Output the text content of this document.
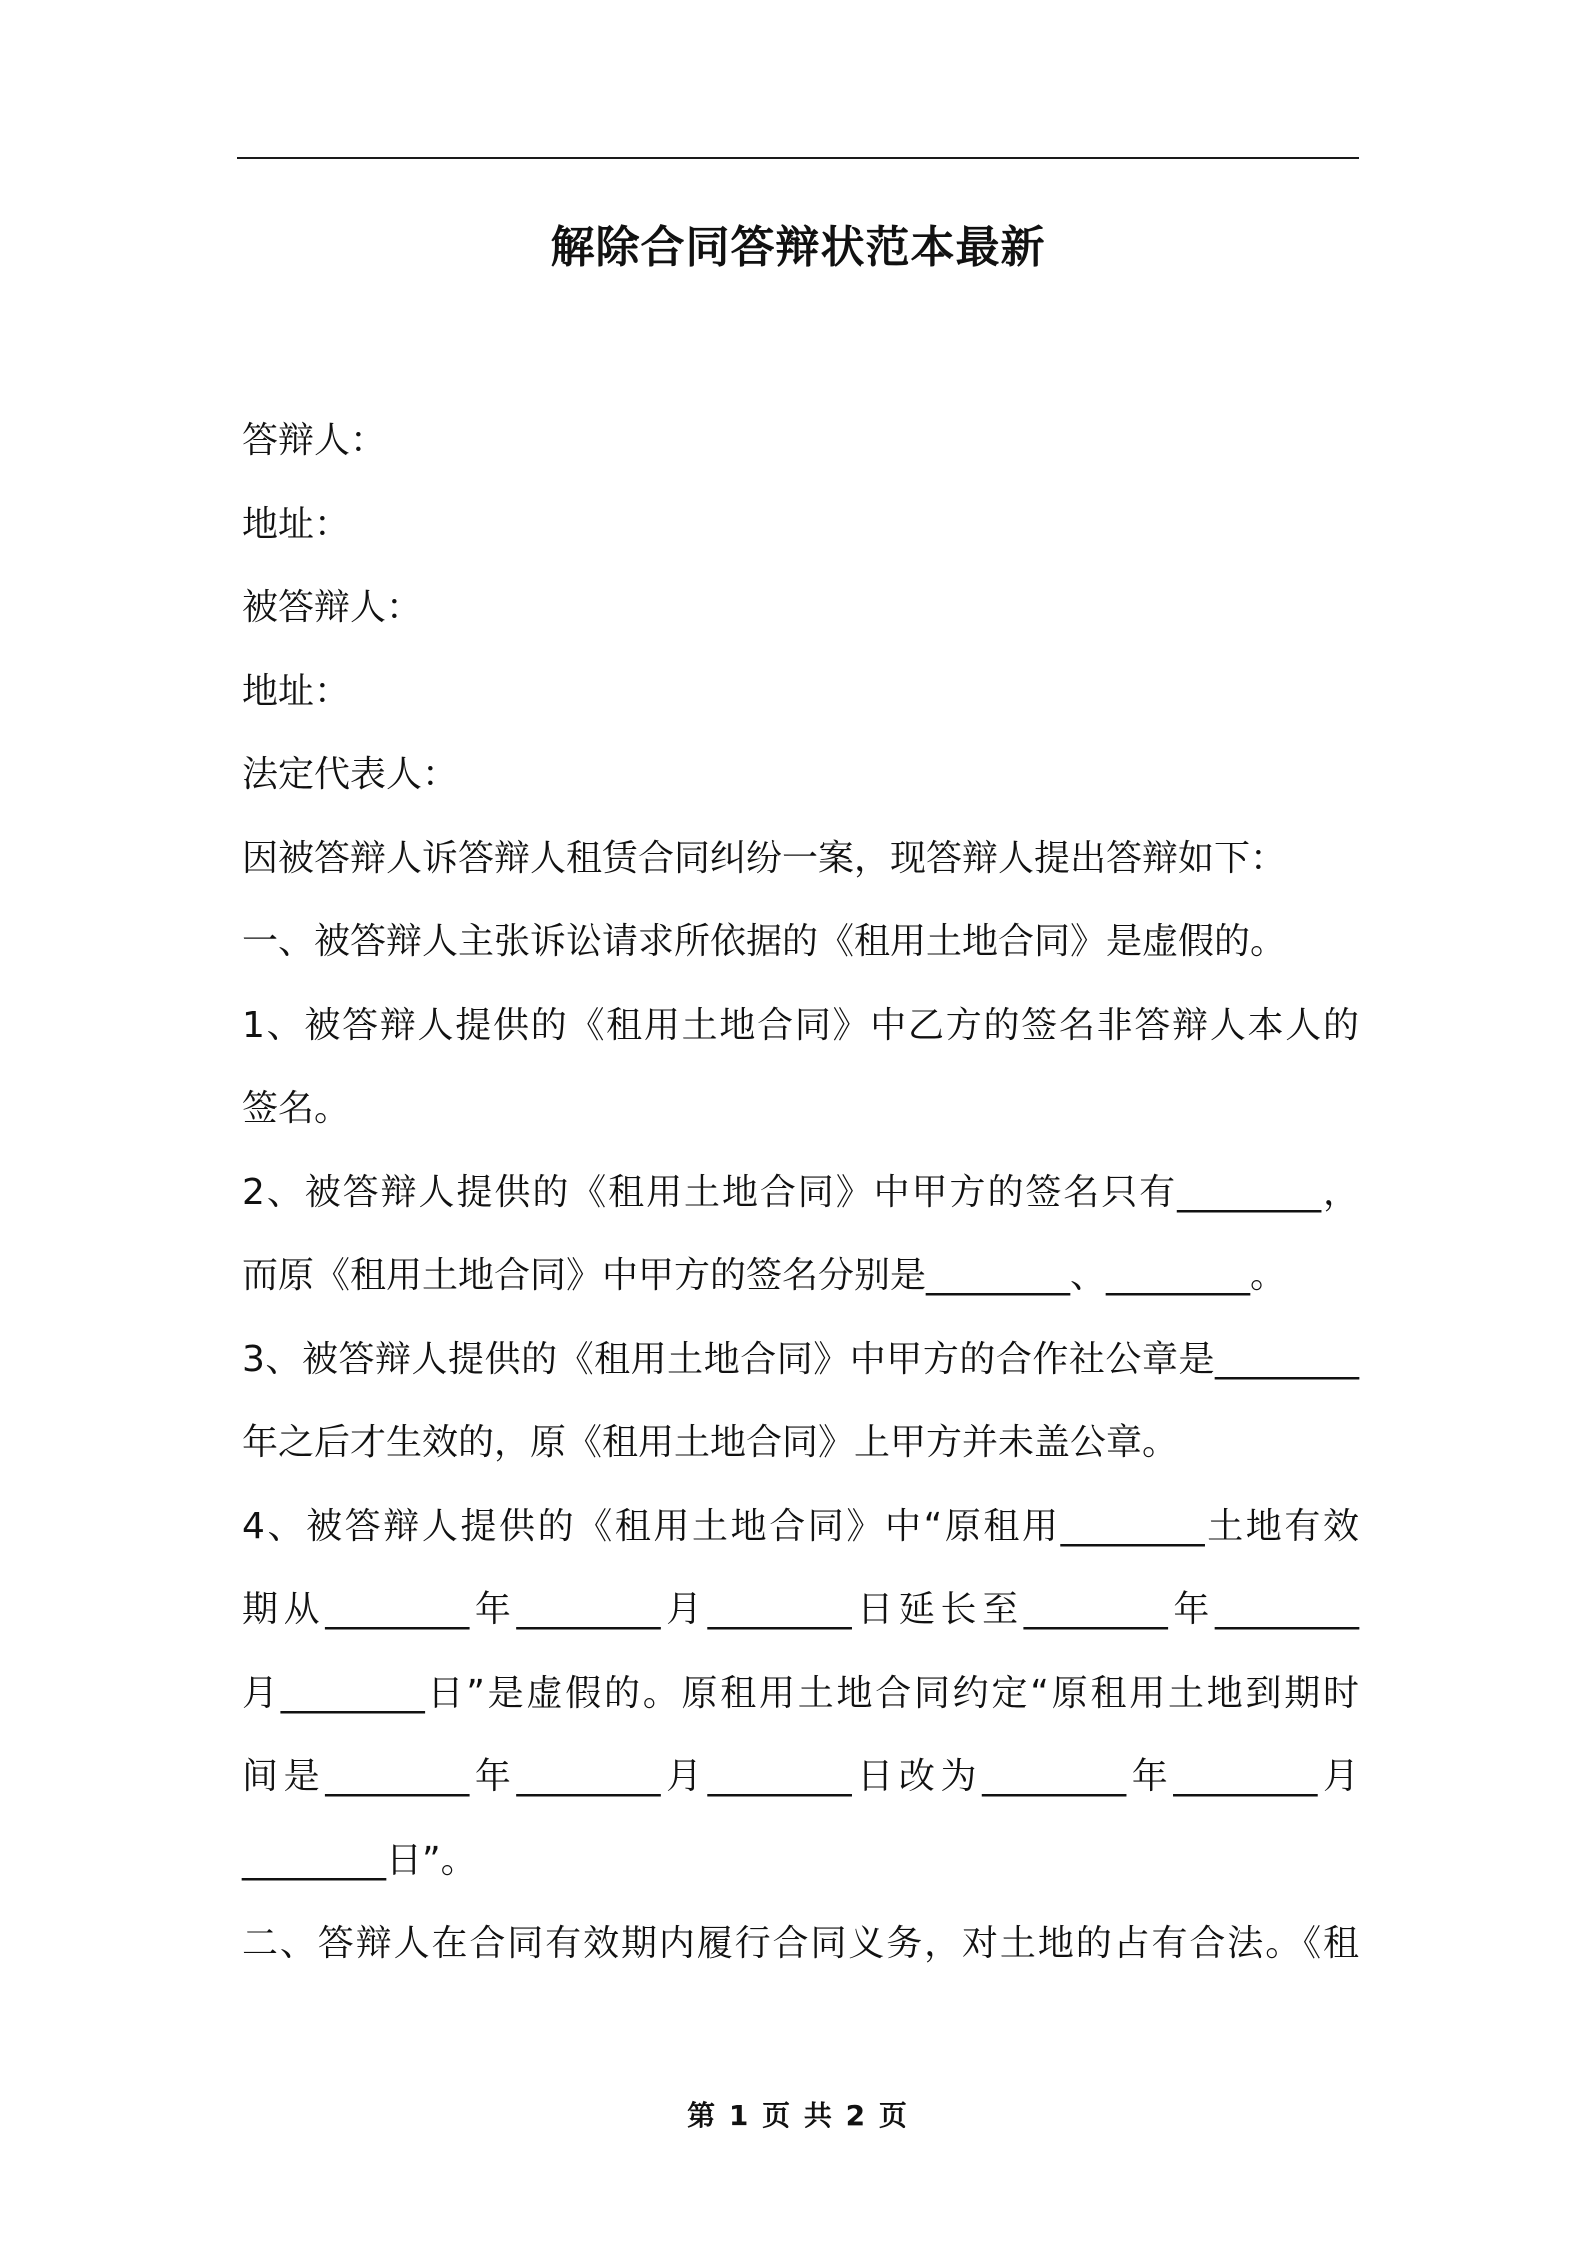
解除合同答辩状范本最新
答辩人：
地址：
被答辩人：
地址：
法定代表人：
因被答辩人诉答辩人租赁合同纠纷一案，现答辩人提出答辩如下：
一、被答辩人主张诉讼请求所依据的《租用土地合同》是虚假的。
1、被答辩人提供的《租用土地合同》中乙方的签名非答辩人本人的
签名。
2、被答辩人提供的《租用土地合同》中甲方的签名只有________，
而原《租用土地合同》中甲方的签名分别是________、________。
3、被答辩人提供的《租用土地合同》中甲方的合作社公章是________
年之后才生效的，原《租用土地合同》上甲方并未盖公章。
4、被答辩人提供的《租用土地合同》中“原租用________土地有效
期从________年________月________日延长至________年________
月________日”是虚假的。原租用土地合同约定“原租用土地到期时
间是________年________月________日改为________年________月
________日”。
二、答辩人在合同有效期内履行合同义务，对土地的占有合法。《租
第 1 页 共 2 页
